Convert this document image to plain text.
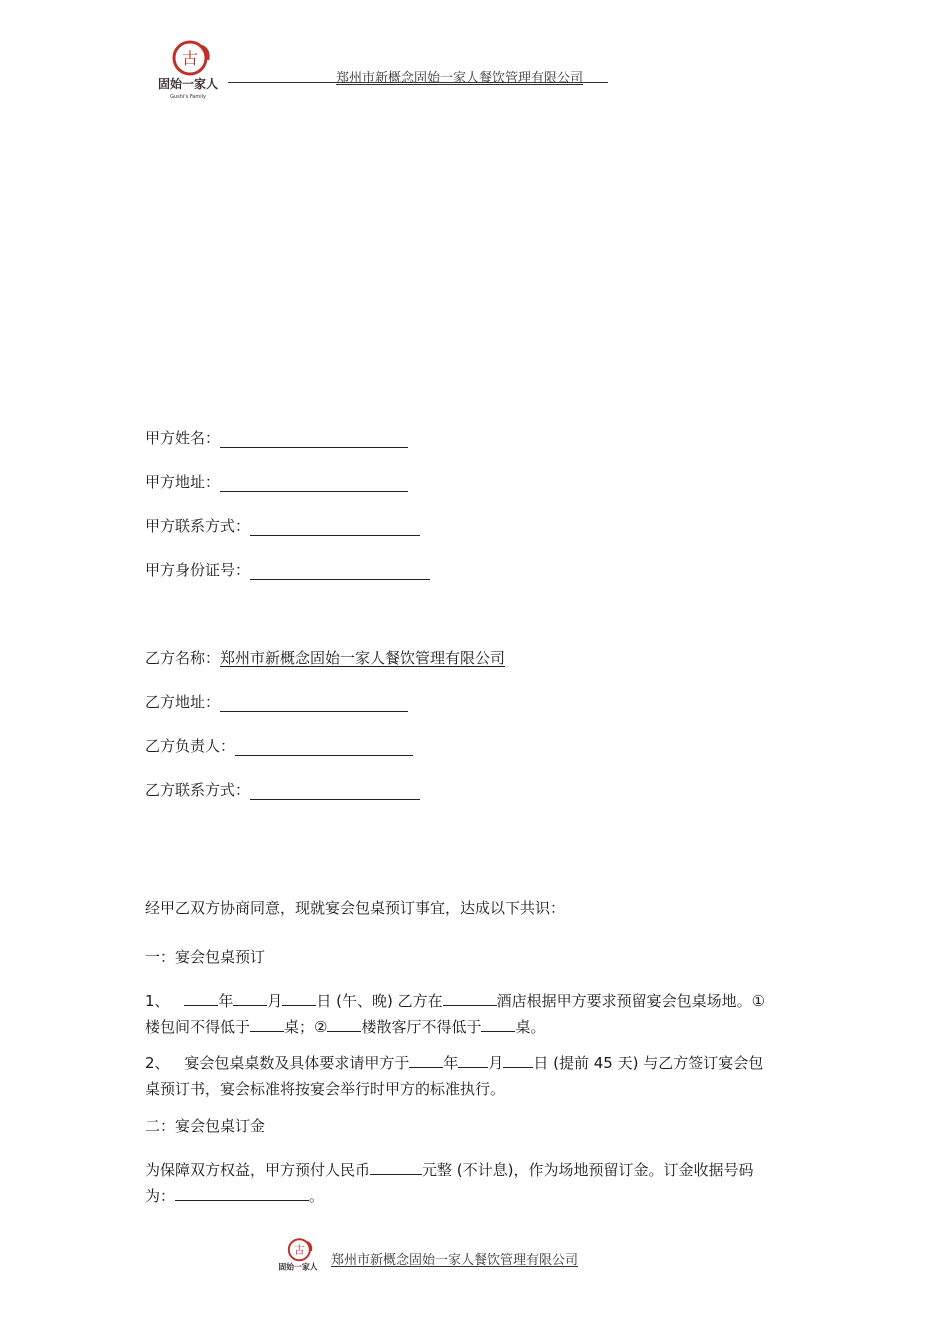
古
固始一家人
Gushi's Family
郑州市新概念固始一家人餐饮管理有限公司
甲方姓名：
甲方地址：
甲方联系方式：
甲方身份证号：
乙方名称： 郑州市新概念固始一家人餐饮管理有限公司
乙方地址：
乙方负责人：
乙方联系方式：
经甲乙双方协商同意，现就宴会包桌预订事宜，达成以下共识：
一：宴会包桌预订
1、	年 月 日 (午、晚) 乙方在	酒店根据甲方要求预留宴会包桌场地。①
楼包间不得低于 桌；② 楼散客厅不得低于 桌。
2、 宴会包桌桌数及具体要求请甲方于 年 月 日 (提前 45 天) 与乙方签订宴会包
桌预订书，宴会标准将按宴会举行时甲方的标准执行。
二：宴会包桌订金
为保障双方权益，甲方预付人民币	元整 (不计息)，作为场地预留订金。订金收据号码
为：	。
古
固始一家人 郑州市新概念固始一家人餐饮管理有限公司
